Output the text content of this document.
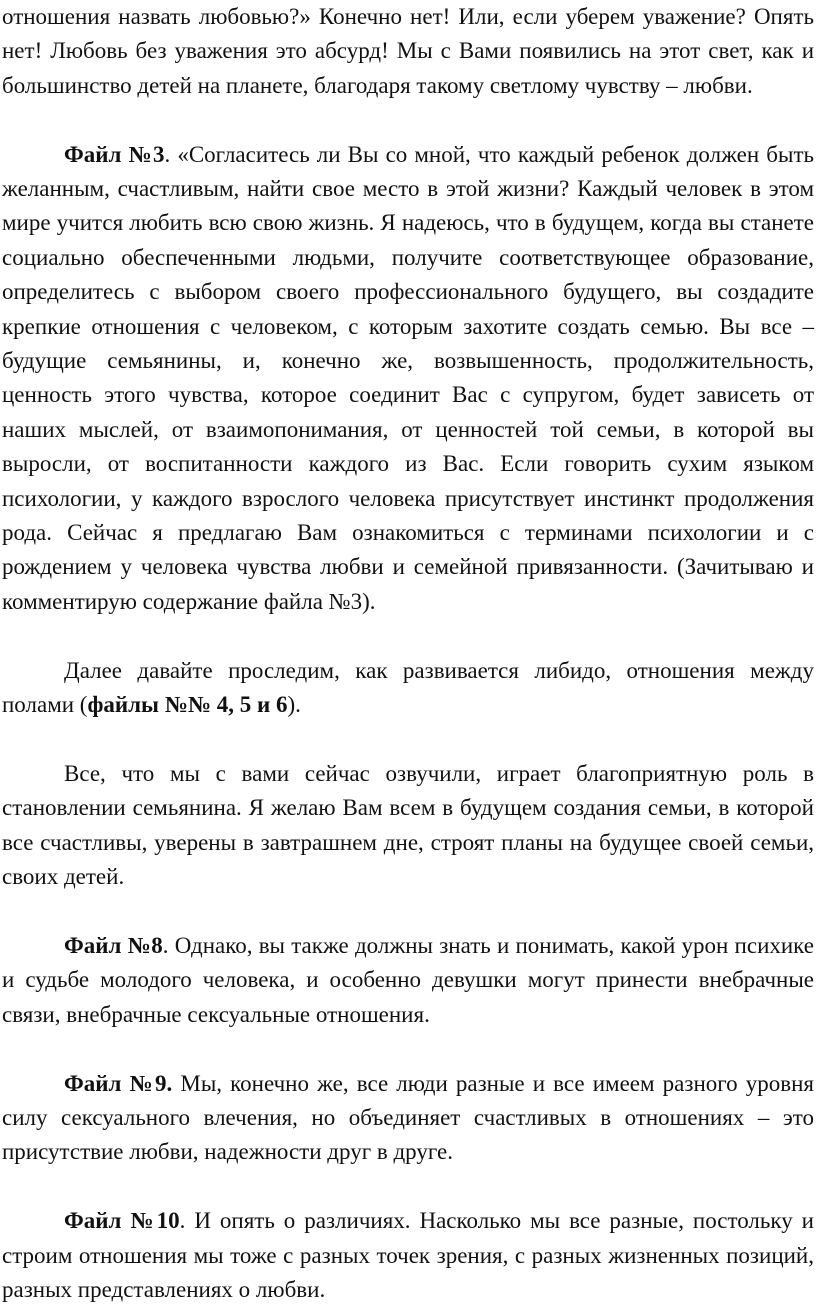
отношения назвать любовью?» Конечно нет! Или, если уберем уважение? Опять нет! Любовь без уважения это абсурд! Мы с Вами появились на этот свет, как и большинство детей на планете, благодаря такому светлому чувству – любви.

Файл №3. «Согласитесь ли Вы со мной, что каждый ребенок должен быть желанным, счастливым, найти свое место в этой жизни? Каждый человек в этом мире учится любить всю свою жизнь. Я надеюсь, что в будущем, когда вы станете социально обеспеченными людьми, получите соответствующее образование, определитесь с выбором своего профессионального будущего, вы создадите крепкие отношения с человеком, с которым захотите создать семью. Вы все – будущие семьянины, и, конечно же, возвышенность, продолжительность, ценность этого чувства, которое соединит Вас с супругом, будет зависеть от наших мыслей, от взаимопонимания, от ценностей той семьи, в которой вы выросли, от воспитанности каждого из Вас. Если говорить сухим языком психологии, у каждого взрослого человека присутствует инстинкт продолжения рода. Сейчас я предлагаю Вам ознакомиться с терминами психологии и с рождением у человека чувства любви и семейной привязанности. (Зачитываю и комментирую содержание файла №3).

Далее давайте проследим, как развивается либидо, отношения между полами (файлы №№ 4, 5 и 6).

Все, что мы с вами сейчас озвучили, играет благоприятную роль в становлении семьянина. Я желаю Вам всем в будущем создания семьи, в которой все счастливы, уверены в завтрашнем дне, строят планы на будущее своей семьи, своих детей.

Файл №8. Однако, вы также должны знать и понимать, какой урон психике и судьбе молодого человека, и особенно девушки могут принести внебрачные связи, внебрачные сексуальные отношения.

Файл №9. Мы, конечно же, все люди разные и все имеем разного уровня силу сексуального влечения, но объединяет счастливых в отношениях – это присутствие любви, надежности друг в друге.

Файл №10. И опять о различиях. Насколько мы все разные, постольку и строим отношения мы тоже с разных точек зрения, с разных жизненных позиций, разных представлениях о любви.
